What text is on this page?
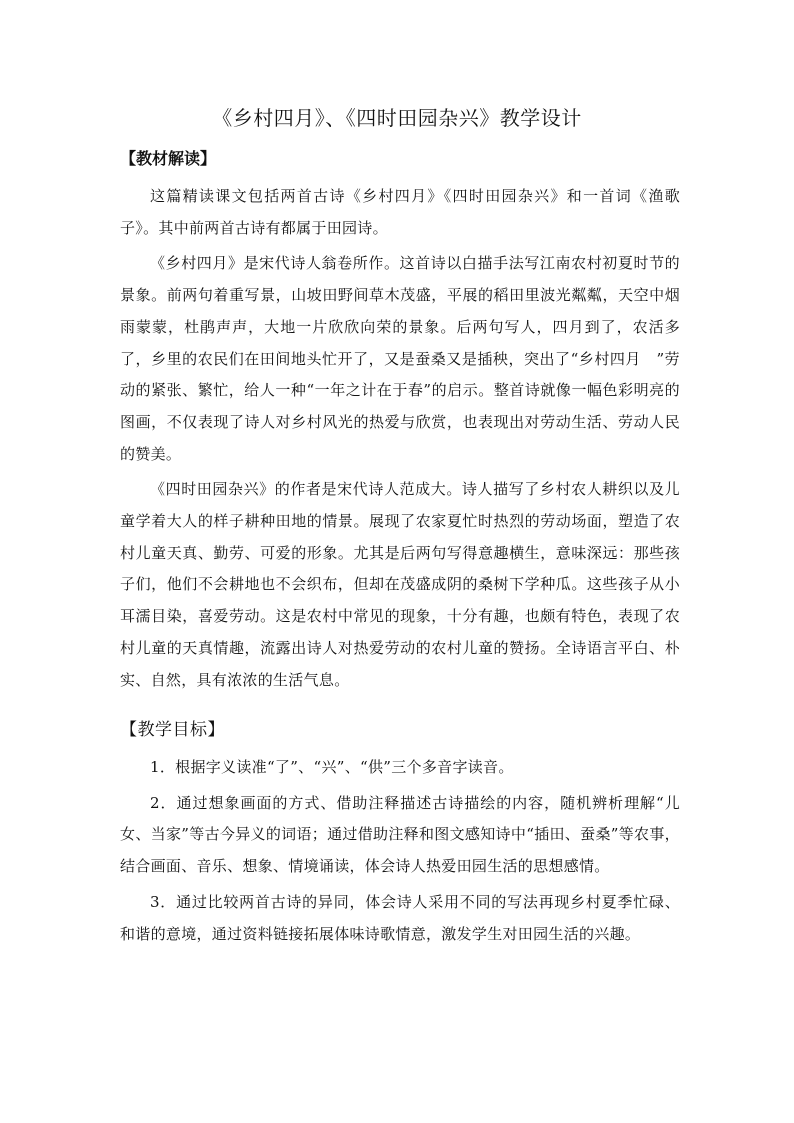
《乡村四月》、《四时田园杂兴》教学设计
【教材解读】

这篇精读课文包括两首古诗《乡村四月》《四时田园杂兴》和一首词《渔歌子》。其中前两首古诗有都属于田园诗。

《乡村四月》是宋代诗人翁卷所作。这首诗以白描手法写江南农村初夏时节的景象。前两句着重写景，山坡田野间草木茂盛，平展的稻田里波光粼粼，天空中烟雨蒙蒙，杜鹃声声，大地一片欣欣向荣的景象。后两句写人，四月到了，农活多了，乡里的农民们在田间地头忙开了，又是蚕桑又是插秧，突出了“乡村四月　”劳动的紧张、繁忙，给人一种“一年之计在于春”的启示。整首诗就像一幅色彩明亮的图画，不仅表现了诗人对乡村风光的热爱与欣赏，也表现出对劳动生活、劳动人民的赞美。

《四时田园杂兴》的作者是宋代诗人范成大。诗人描写了乡村农人耕织以及儿童学着大人的样子耕种田地的情景。展现了农家夏忙时热烈的劳动场面，塑造了农村儿童天真、勤劳、可爱的形象。尤其是后两句写得意趣横生，意味深远：那些孩子们，他们不会耕地也不会织布，但却在茂盛成阴的桑树下学种瓜。这些孩子从小耳濡目染，喜爱劳动。这是农村中常见的现象，十分有趣，也颇有特色，表现了农村儿童的天真情趣，流露出诗人对热爱劳动的农村儿童的赞扬。全诗语言平白、朴实、自然，具有浓浓的生活气息。

【教学目标】

1．根据字义读准“了”、“兴”、“供”三个多音字读音。

2．通过想象画面的方式、借助注释描述古诗描绘的内容，随机辨析理解“儿女、当家”等古今异义的词语；通过借助注释和图文感知诗中“插田、蚕桑”等农事，结合画面、音乐、想象、情境诵读，体会诗人热爱田园生活的思想感情。

3．通过比较两首古诗的异同，体会诗人采用不同的写法再现乡村夏季忙碌、和谐的意境，通过资料链接拓展体味诗歌情意，激发学生对田园生活的兴趣。
